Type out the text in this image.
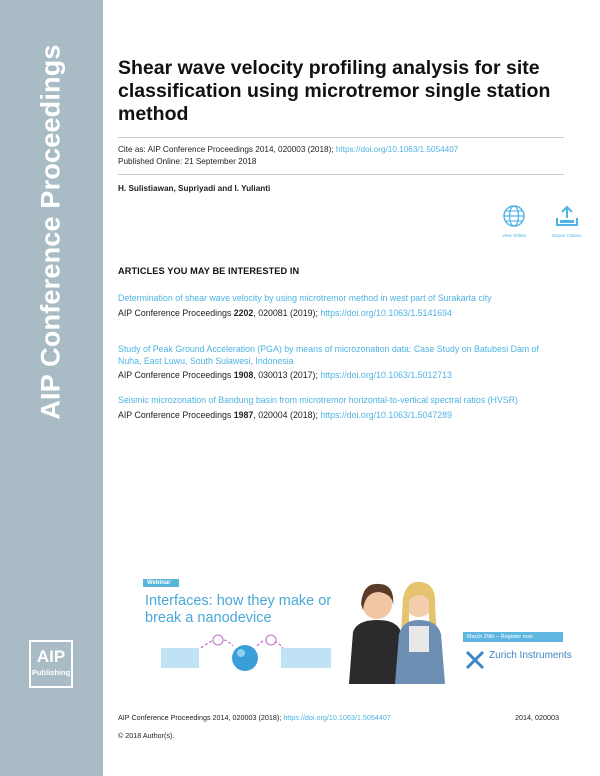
AIP Conference Proceedings
AIP
Publishing
Shear wave velocity profiling analysis for site classification using microtremor single station method
Cite as: AIP Conference Proceedings 2014, 020003 (2018); https://doi.org/10.1063/1.5054407
Published Online: 21 September 2018
H. Sulistiawan, Supriyadi and I. Yulianti
View Online	Export Citation
ARTICLES YOU MAY BE INTERESTED IN
Determination of shear wave velocity by using microtremor method in west part of Surakarta city
AIP Conference Proceedings 2202, 020081 (2019); https://doi.org/10.1063/1.5141694
Study of Peak Ground Acceleration (PGA) by means of microzonation data: Case Study on Batubesi Dam of Nuha, East Luwu, South Sulawesi, Indonesia
AIP Conference Proceedings 1908, 030013 (2017); https://doi.org/10.1063/1.5012713
Seismic microzonation of Bandung basin from microtremor horizontal-to-vertical spectral ratios (HVSR)
AIP Conference Proceedings 1987, 020004 (2018); https://doi.org/10.1063/1.5047289
Webinar
Interfaces: how they make or break a nanodevice
March 29th – Register now
Zurich Instruments
AIP Conference Proceedings 2014, 020003 (2018); https://doi.org/10.1063/1.5054407	2014, 020003
© 2018 Author(s).
